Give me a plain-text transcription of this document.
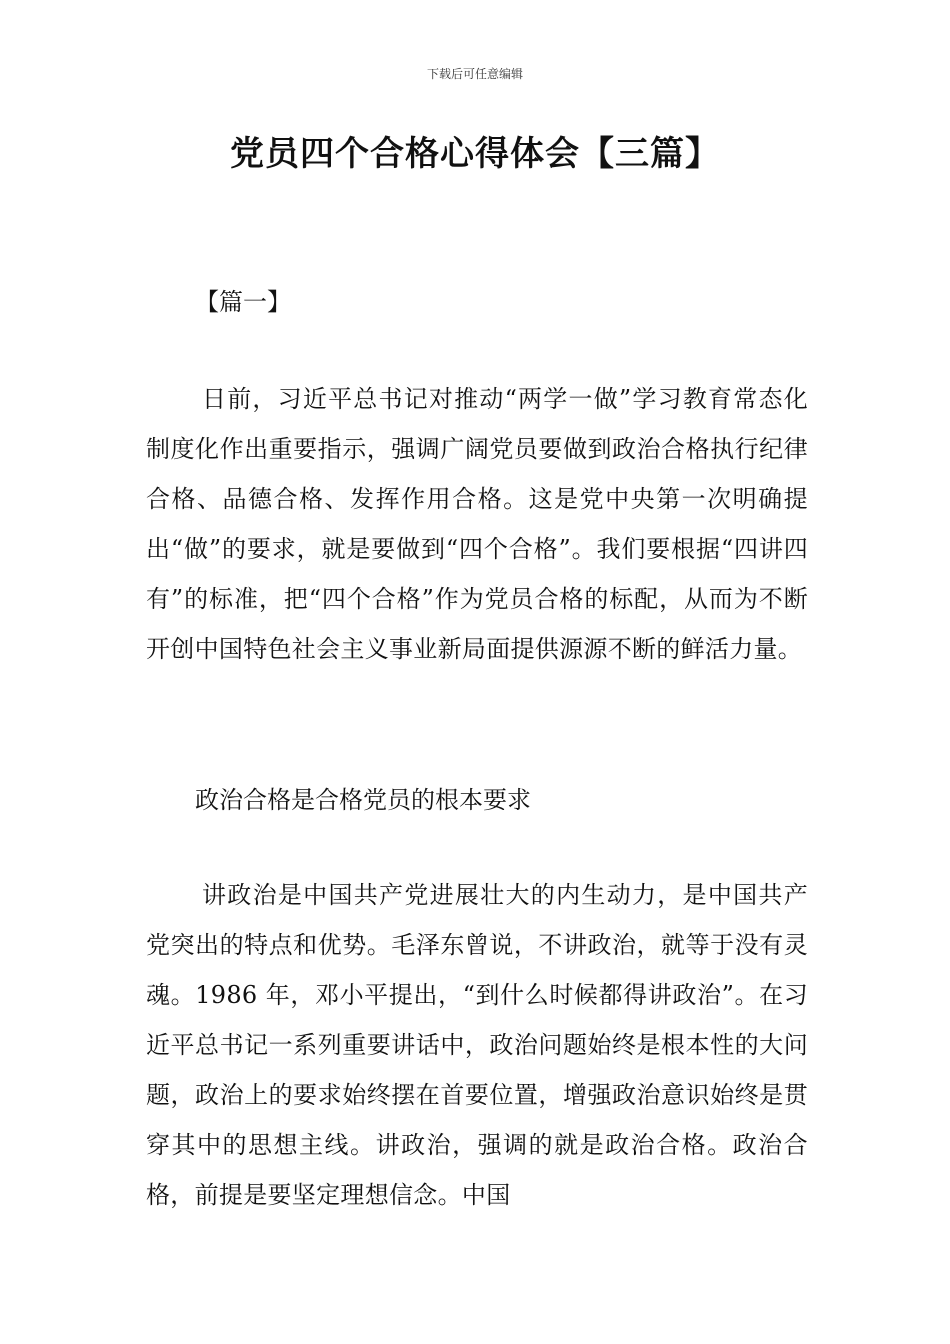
下载后可任意编辑
党员四个合格心得体会【三篇】
【篇一】

日前，习近平总书记对推动“两学一做”学习教育常态化制度化作出重要指示，强调广阔党员要做到政治合格执行纪律合格、品德合格、发挥作用合格。这是党中央第一次明确提出“做”的要求，就是要做到“四个合格”。我们要根据“四讲四有”的标准，把“四个合格”作为党员合格的标配，从而为不断开创中国特色社会主义事业新局面提供源源不断的鲜活力量。

政治合格是合格党员的根本要求

讲政治是中国共产党进展壮大的内生动力，是中国共产党突出的特点和优势。毛泽东曾说，不讲政治，就等于没有灵魂。1986 年，邓小平提出，“到什么时候都得讲政治”。在习近平总书记一系列重要讲话中，政治问题始终是根本性的大问题，政治上的要求始终摆在首要位置，增强政治意识始终是贯穿其中的思想主线。讲政治，强调的就是政治合格。政治合格，前提是要坚定理想信念。中国
